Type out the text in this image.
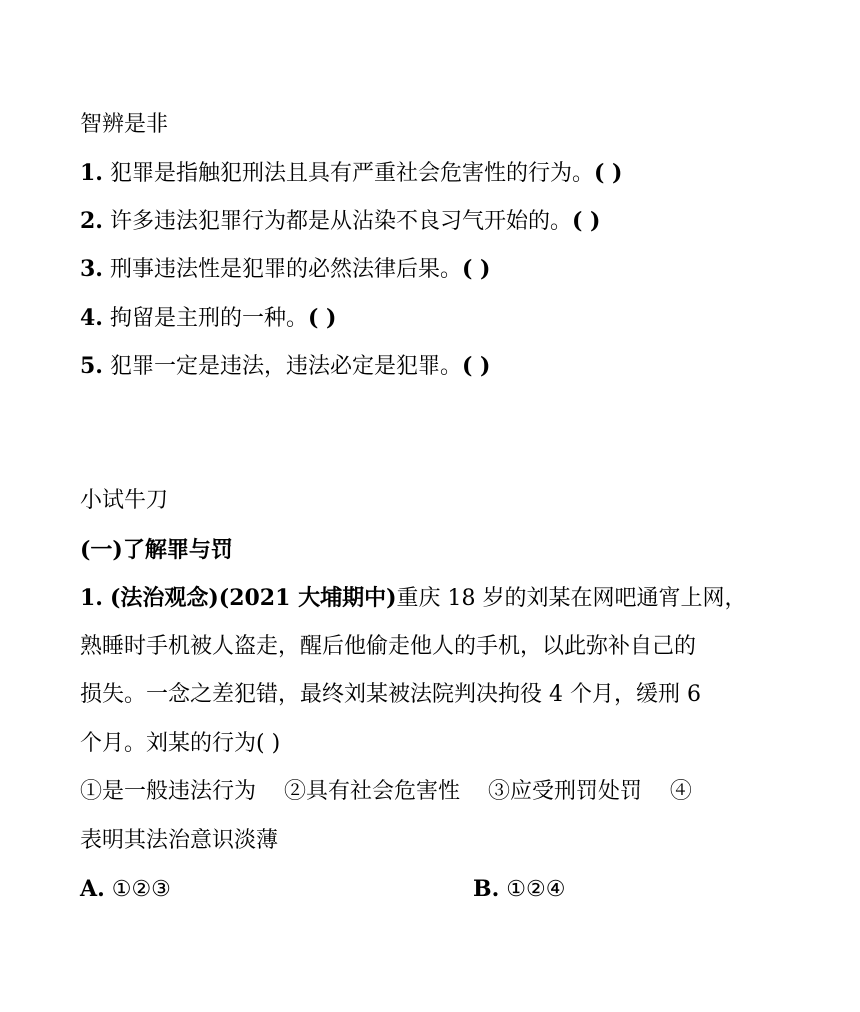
智辨是非
1. 犯罪是指触犯刑法且具有严重社会危害性的行为。( )
2. 许多违法犯罪行为都是从沾染不良习气开始的。( )
3. 刑事违法性是犯罪的必然法律后果。( )
4. 拘留是主刑的一种。( )
5. 犯罪一定是违法，违法必定是犯罪。( )
小试牛刀
(一)了解罪与罚
1. (法治观念)(2021 大埔期中)重庆 18 岁的刘某在网吧通宵上网，
熟睡时手机被人盗走，醒后他偷走他人的手机，以此弥补自己的
损失。一念之差犯错，最终刘某被法院判决拘役 4 个月，缓刑 6
个月。刘某的行为( )
①是一般违法行为    ②具有社会危害性    ③应受刑罚处罚    ④
表明其法治意识淡薄
A. ①②③	B. ①②④
